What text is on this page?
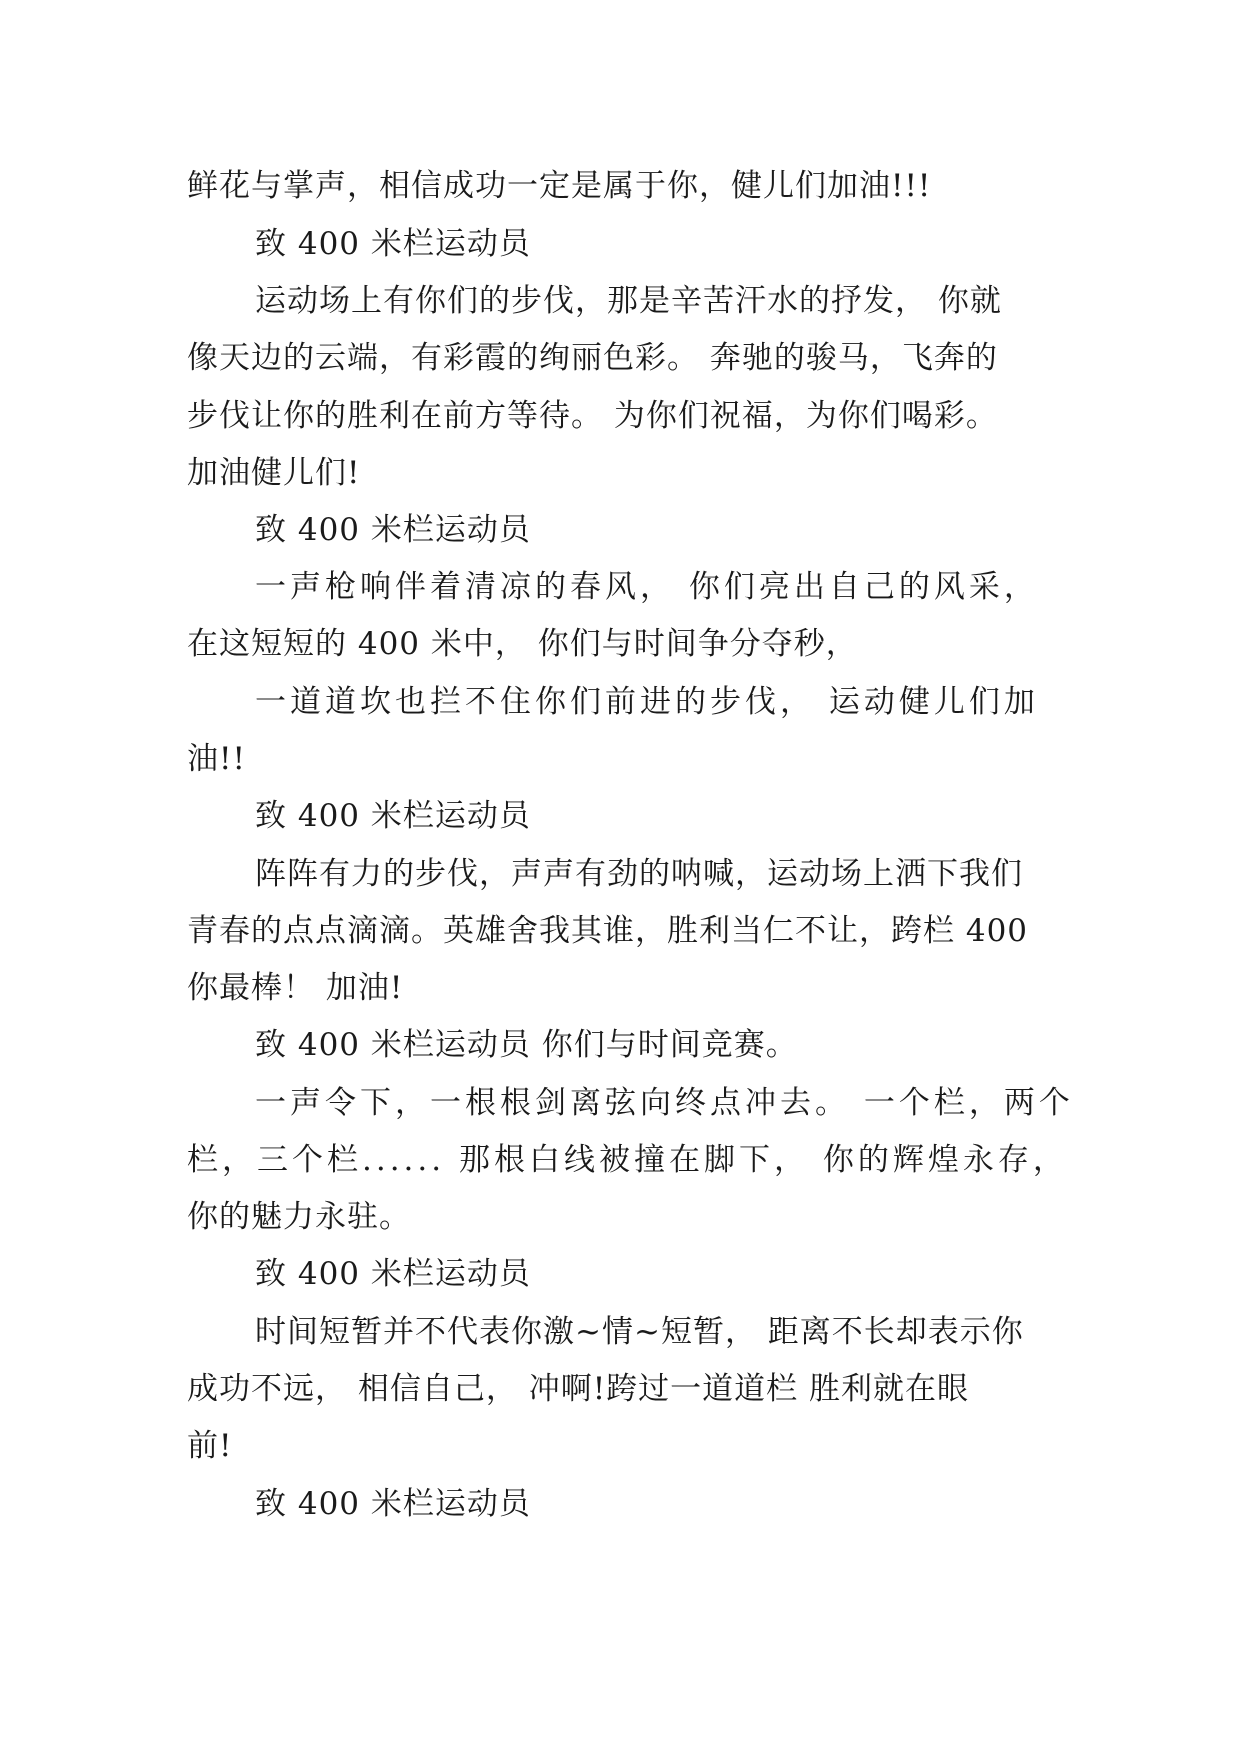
鲜花与掌声，相信成功一定是属于你，健儿们加油!!!
致 400 米栏运动员
运动场上有你们的步伐，那是辛苦汗水的抒发， 你就
像天边的云端，有彩霞的绚丽色彩。 奔驰的骏马，飞奔的
步伐让你的胜利在前方等待。 为你们祝福，为你们喝彩。
加油健儿们!
致 400 米栏运动员
一声枪响伴着清凉的春风， 你们亮出自己的风采，
在这短短的 400 米中， 你们与时间争分夺秒，
一道道坎也拦不住你们前进的步伐， 运动健儿们加
油!!
致 400 米栏运动员
阵阵有力的步伐，声声有劲的呐喊，运动场上洒下我们
青春的点点滴滴。英雄舍我其谁，胜利当仁不让，跨栏 400
你最棒！ 加油!
致 400 米栏运动员 你们与时间竞赛。
一声令下，一根根剑离弦向终点冲去。 一个栏，两个
栏，三个栏...... 那根白线被撞在脚下， 你的辉煌永存，
你的魅力永驻。
致 400 米栏运动员
时间短暂并不代表你激~情~短暂， 距离不长却表示你
成功不远， 相信自己， 冲啊!跨过一道道栏 胜利就在眼
前!
致 400 米栏运动员
